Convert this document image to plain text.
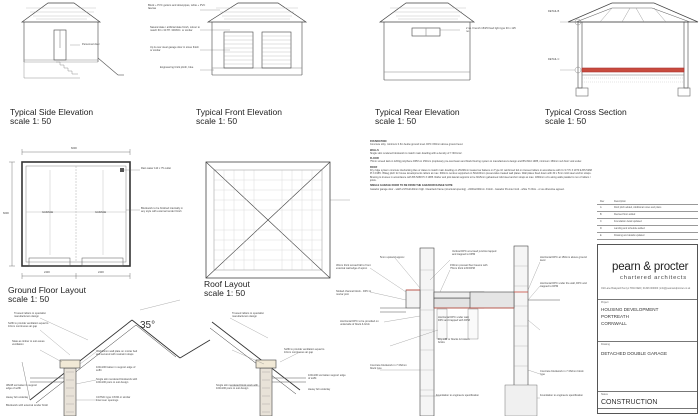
Typical Side Elevation
scale 1: 50
Typical Front Elevation
scale 1: 50
Typical Rear Elevation
scale 1: 50
Typical Cross Section
scale 1: 50
Ground Floor Layout
scale 1: 50
Roof Layout
scale 1: 50
35°
Personnel door
Block + PVC gutters and downpipes, white + PVC fascias
Natural slate / artificial slate finish, colour to match 60 x 30 TP. 30/45/C. or similar
Up & over steel garage door in stove finish or similar
Engineering brick plinth, blue
2 no. French 15/25 fixed light type 30 x 125 no.
DETAIL B
DETAIL C
Rain water 110 x 75 outlet
Blockwork to be finished internally in any style with external render finish
GARAGE	GARAGE
6000
6000
2430	2430
Trussed rafters to specialist manufacturers design
Soffit to provide ventilation equal to 10mm continuous air gap
Slate as timber to suit eaves ventilation
30x100mm wall plate on mortar bed and secured with restraint straps
100x100 batten in support edge of soffit
Single skin rendered blockwork with 100x100 piers to suit design
CATNIC type CX/90 or similar lintel over openings
38x38 sw batten in support edge of soffit
Heavy felt underlay
Blockwork with external render finish
Trussed rafters to specialist manufacturers design
Soffit to provide ventilation equal to 10mm continuous air gap
Single skin rendered block work with 100x100 piers to suit design
100x100 sw batten support edge of soffit
Heavy felt underlay
5mm upstand approx
Vertical DPC at screed junction lapped and trapped to DPM
30mm thick screed fall to front external wall edge of apron
150mm precast floor beams with 75mm thick infill DPM
Slotted channel block - DPC in mortar joint
Horizontal DPC to be provided on underside of block & brick
Horizontal DPC under wall, DPC and trapped with DPM
Dry infill or blocks & broken bricks
Concrete blockwork in 7.3N/mm block type
Foundation to engineers specification
Horizontal DPC at 150mm above ground level
Horizontal DPC under the wall, DPC and trapped to DPM
Concrete blockwork in 7.3N/mm block type
Foundation to engineers specification

FOUNDATION
Concrete strip, minimum 0.6m below ground level. DPC 150mm above ground level.

WALLS
Single skin rendered blockwork to match main dwelling with a density of 7.3N/mm2.

FLOOR
75mm screed laid on 1200g polythene DPM on 150mm proprietary pre-cast beam and block flooring system to manufacturers design and BS 8110 1985, minimum 150mm sub floor void under.

ROOF
Dry ridge system concrete interlocking tiles or slates to match main dwelling on 25x38mm treated sw battens on Type 1F reinforced felt on trussed rafters in accordance with CJ 17 Pt 3 1970 & BS 5268 Pt 3 1985. 35deg pitch for house developments rafters at max. 600mm centres supported on 50x100mm preservative treated wall plates. Wall plates fixed down with 30 x 5mm mild steel anchor straps. Bracing to trusses in accordance with BS 5268 Pt 3 1985. Rafter and joist lateral supports to be 30x5mm galvanised mild steel anchor straps at max. 1800mm c/cs along walls parallel to run of rafters / joists.

SINGLE GARAGE DOOR TO BE FROM THE GARADOR RANGE SUITE
Garador garage door - width 2170x2140mm high. Cleardeck frame (structural opening) - 2200x2200mm. Finish - Garador Premier Grid - white 71 RAL - or as otherwise agreed.

Rev	Description
A	Roof pitch added, Additional notes and plans
B	Revised floor added
C	Foundation detail updated
D	Landing and schedule added
E	Drawing and details updated
pearn & procter
chartered architects
Old Lane Boatyard Penryn TR10 9ED | 01326 000000 | info@pearnandprocter.co.uk
Project
HOUSING DEVELOPMENT
PORTREATH
CORNWALL
Drawing
DETACHED DOUBLE GARAGE
Status
CONSTRUCTION
